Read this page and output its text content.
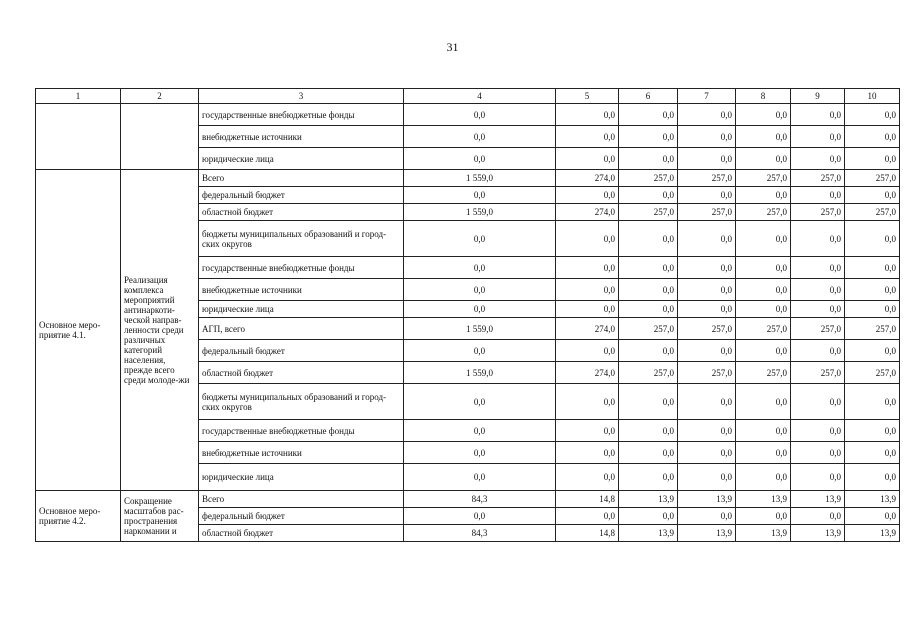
31
1	2	3	4	5	6	7	8	9	10
		государственные внебюджетные фонды	0,0	0,0	0,0	0,0	0,0	0,0	0,0
		внебюджетные источники	0,0	0,0	0,0	0,0	0,0	0,0	0,0
		юридические лица	0,0	0,0	0,0	0,0	0,0	0,0	0,0
Основное меро-приятие 4.1.	Реализация комплекса мероприятий антинаркоти-ческой направ-ленности среди различных категорий населения, прежде всего среди молоде-жи	Всего	1 559,0	274,0	257,0	257,0	257,0	257,0	257,0
		федеральный бюджет	0,0	0,0	0,0	0,0	0,0	0,0	0,0
		областной бюджет	1 559,0	274,0	257,0	257,0	257,0	257,0	257,0
		бюджеты муниципальных образований и город-ских округов	0,0	0,0	0,0	0,0	0,0	0,0	0,0
		государственные внебюджетные фонды	0,0	0,0	0,0	0,0	0,0	0,0	0,0
		внебюджетные источники	0,0	0,0	0,0	0,0	0,0	0,0	0,0
		юридические лица	0,0	0,0	0,0	0,0	0,0	0,0	0,0
		АГП, всего	1 559,0	274,0	257,0	257,0	257,0	257,0	257,0
		федеральный бюджет	0,0	0,0	0,0	0,0	0,0	0,0	0,0
		областной бюджет	1 559,0	274,0	257,0	257,0	257,0	257,0	257,0
		бюджеты муниципальных образований и город-ских округов	0,0	0,0	0,0	0,0	0,0	0,0	0,0
		государственные внебюджетные фонды	0,0	0,0	0,0	0,0	0,0	0,0	0,0
		внебюджетные источники	0,0	0,0	0,0	0,0	0,0	0,0	0,0
		юридические лица	0,0	0,0	0,0	0,0	0,0	0,0	0,0
Основное меро-приятие 4.2.	Сокращение масштабов рас-пространения наркомании и	Всего	84,3	14,8	13,9	13,9	13,9	13,9	13,9
		федеральный бюджет	0,0	0,0	0,0	0,0	0,0	0,0	0,0
		областной бюджет	84,3	14,8	13,9	13,9	13,9	13,9	13,9
